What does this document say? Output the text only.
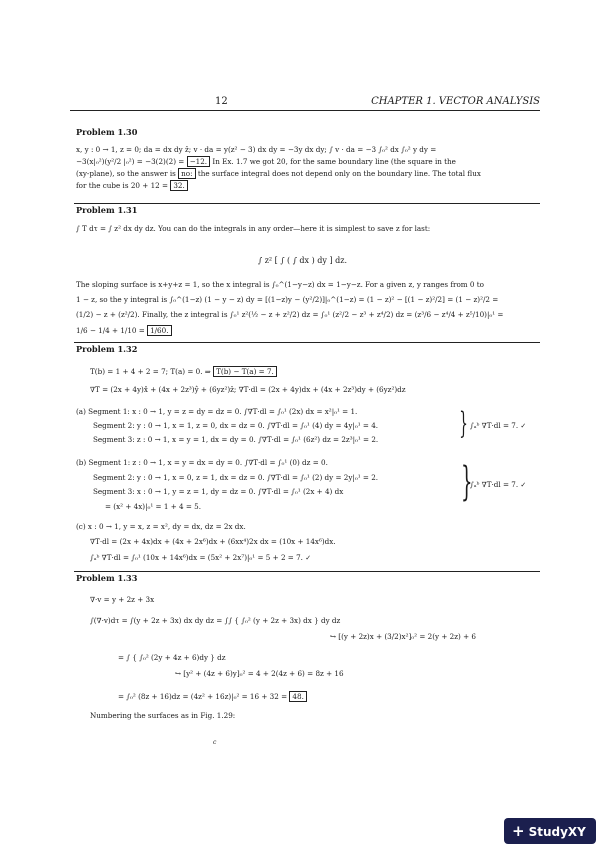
12	CHAPTER 1. VECTOR ANALYSIS
Problem 1.30
x, y : 0 → 1, z = 0; da = dx dy ẑ; v · da = y(z² − 3) dx dy = −3y dx dy; ∫ v · da = −3 ∫₀² dx ∫₀² y dy =
−3(x|₀²)(y²/2 |₀²) = −3(2)(2) = −12. In Ex. 1.7 we got 20, for the same boundary line (the square in the
(xy-plane), so the answer is no: the surface integral does not depend only on the boundary line. The total flux
for the cube is 20 + 12 = 32.
Problem 1.31
∫ T dτ = ∫ z² dx dy dz. You can do the integrals in any order—here it is simplest to save z for last:
∫ z² [ ∫ ( ∫ dx ) dy ] dz.
The sloping surface is x+y+z = 1, so the x integral is ∫₀^(1−y−z) dx = 1−y−z. For a given z, y ranges from 0 to
1 − z, so the y integral is ∫₀^(1−z) (1 − y − z) dy = [(1−z)y − (y²/2)]|₀^(1−z) = (1 − z)² − [(1 − z)²/2] = (1 − z)²/2 =
(1/2) − z + (z²/2). Finally, the z integral is ∫₀¹ z²(½ − z + z²/2) dz = ∫₀¹ (z²/2 − z³ + z⁴/2) dz = (z³/6 − z⁴/4 + z⁵/10)|₀¹ =
1/6 − 1/4 + 1/10 = 1/60.
Problem 1.32
T(b) = 1 + 4 + 2 = 7; T(a) = 0. ⇒ T(b) − T(a) = 7.
∇T = (2x + 4y)x̂ + (4x + 2z³)ŷ + (6yz²)ẑ; ∇T·dl = (2x + 4y)dx + (4x + 2z³)dy + (6yz²)dz
(a) Segment 1: x : 0 → 1, y = z = dy = dz = 0. ∫∇T·dl = ∫₀¹ (2x) dx = x²|₀¹ = 1.
Segment 2: y : 0 → 1, x = 1, z = 0, dx = dz = 0. ∫∇T·dl = ∫₀¹ (4) dy = 4y|₀¹ = 4.
Segment 3: z : 0 → 1, x = y = 1, dx = dy = 0. ∫∇T·dl = ∫₀¹ (6z²) dz = 2z³|₀¹ = 2.	} ∫ₐᵇ ∇T·dl = 7. ✓
(b) Segment 1: z : 0 → 1, x = y = dx = dy = 0. ∫∇T·dl = ∫₀¹ (0) dz = 0.
Segment 2: y : 0 → 1, x = 0, z = 1, dx = dz = 0. ∫∇T·dl = ∫₀¹ (2) dy = 2y|₀¹ = 2.
Segment 3: x : 0 → 1, y = z = 1, dy = dz = 0. ∫∇T·dl = ∫₀¹ (2x + 4) dx
= (x² + 4x)|₀¹ = 1 + 4 = 5.
}
∫ₐᵇ ∇T·dl = 7. ✓
(c) x : 0 → 1, y = x, z = x², dy = dx, dz = 2x dx.
∇T·dl = (2x + 4x)dx + (4x + 2x⁶)dx + (6xx⁴)2x dx = (10x + 14x⁶)dx.
∫ₐᵇ ∇T·dl = ∫₀¹ (10x + 14x⁶)dx = (5x² + 2x⁷)|₀¹ = 5 + 2 = 7. ✓
Problem 1.33
∇·v = y + 2z + 3x
∫(∇·v)dτ = ∫(y + 2z + 3x) dx dy dz = ∫∫ { ∫₀² (y + 2z + 3x) dx } dy dz
↪ [(y + 2z)x + (3/2)x²]₀² = 2(y + 2z) + 6
= ∫ { ∫₀² (2y + 4z + 6)dy } dz
↪ [y² + (4z + 6)y]₀² = 4 + 2(4z + 6) = 8z + 16
= ∫₀² (8z + 16)dz = (4z² + 16z)|₀² = 16 + 32 = 48.
Numbering the surfaces as in Fig. 1.29:
c
+ StudyXY
